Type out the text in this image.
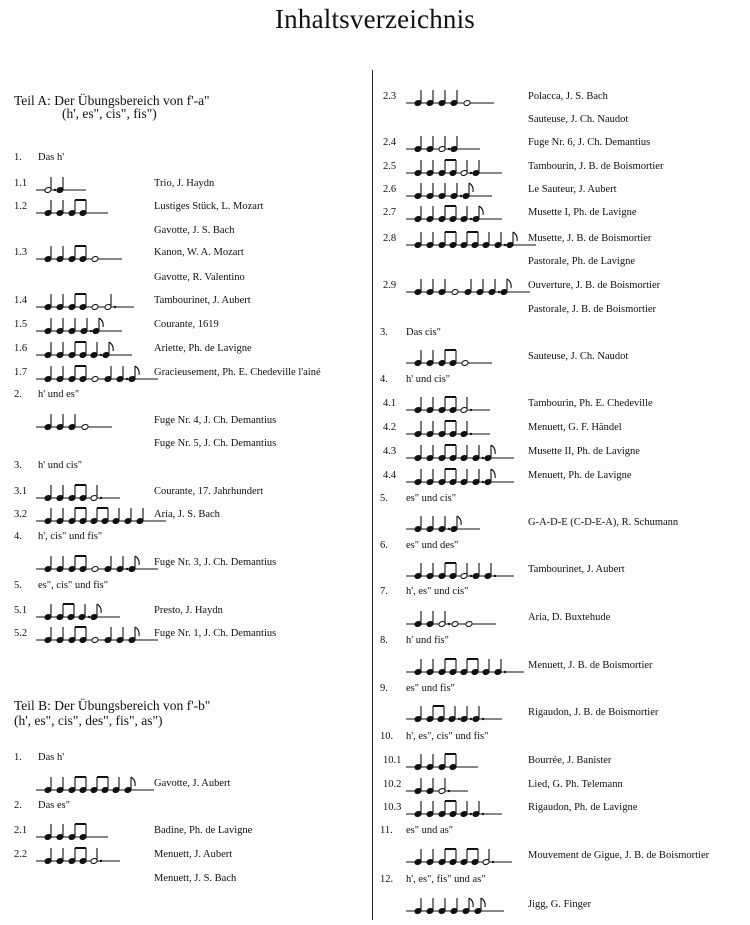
Inhaltsverzeichnis
Teil A: Der Übungsbereich von f'-a"
(h', es", cis", fis")
Teil B: Der Übungsbereich von f'-b"
(h', es", cis", des", fis", as")
1. Das h'
1.1	Trio, J. Haydn
1.2	Lustiges Stück, L. Mozart
Gavotte, J. S. Bach
1.3	Kanon, W. A. Mozart
Gavotte, R. Valentino
1.4	Tambourinet, J. Aubert
1.5	Courante, 1619
1.6	Ariette, Ph. de Lavigne
1.7	Gracieusement, Ph. E. Chedeville l'ainé
2. h' und es"
Fuge Nr. 4, J. Ch. Demantius
Fuge Nr. 5, J. Ch. Demantius
3. h' und cis"
3.1	Courante, 17. Jahrhundert
3.2	Aria, J. S. Bach
4. h', cis" und fis"
Fuge Nr. 3, J. Ch. Demantius
5. es", cis" und fis"
5.1	Presto, J. Haydn
5.2	Fuge Nr. 1, J. Ch. Demantius
1. Das h'
Gavotte, J. Aubert
2. Das es"
2.1	Badine, Ph. de Lavigne
2.2	Menuett, J. Aubert
Menuett, J. S. Bach
2.3	Polacca, J. S. Bach
Sauteuse, J. Ch. Naudot
2.4	Fuge Nr. 6, J. Ch. Demantius
2.5	Tambourin, J. B. de Boismortier
2.6	Le Sauteur, J. Aubert
2.7	Musette I, Ph. de Lavigne
2.8	Musette, J. B. de Boismortier
Pastorale, Ph. de Lavigne
2.9	Ouverture, J. B. de Boismortier
Pastorale, J. B. de Boismortier
3. Das cis"
Sauteuse, J. Ch. Naudot
4. h' und cis"
4.1	Tambourin, Ph. E. Chedeville
4.2	Menuett, G. F. Händel
4.3	Musette II, Ph. de Lavigne
4.4	Menuett, Ph. de Lavigne
5. es" und cis"
G-A-D-E (C-D-E-A), R. Schumann
6. es" und des"
Tambourinet, J. Aubert
7. h', es" und cis"
Aria, D. Buxtehude
8. h' und fis"
Menuett, J. B. de Boismortier
9. es" und fis"
Rigaudon, J. B. de Boismortier
10. h', es", cis" und fis"
10.1	Bourrée, J. Banister
10.2	Lied, G. Ph. Telemann
10.3	Rigaudon, Ph. de Lavigne
11. es" und as"
Mouvement de Gigue, J. B. de Boismortier
12. h', es", fis" und as"
Jigg, G. Finger
